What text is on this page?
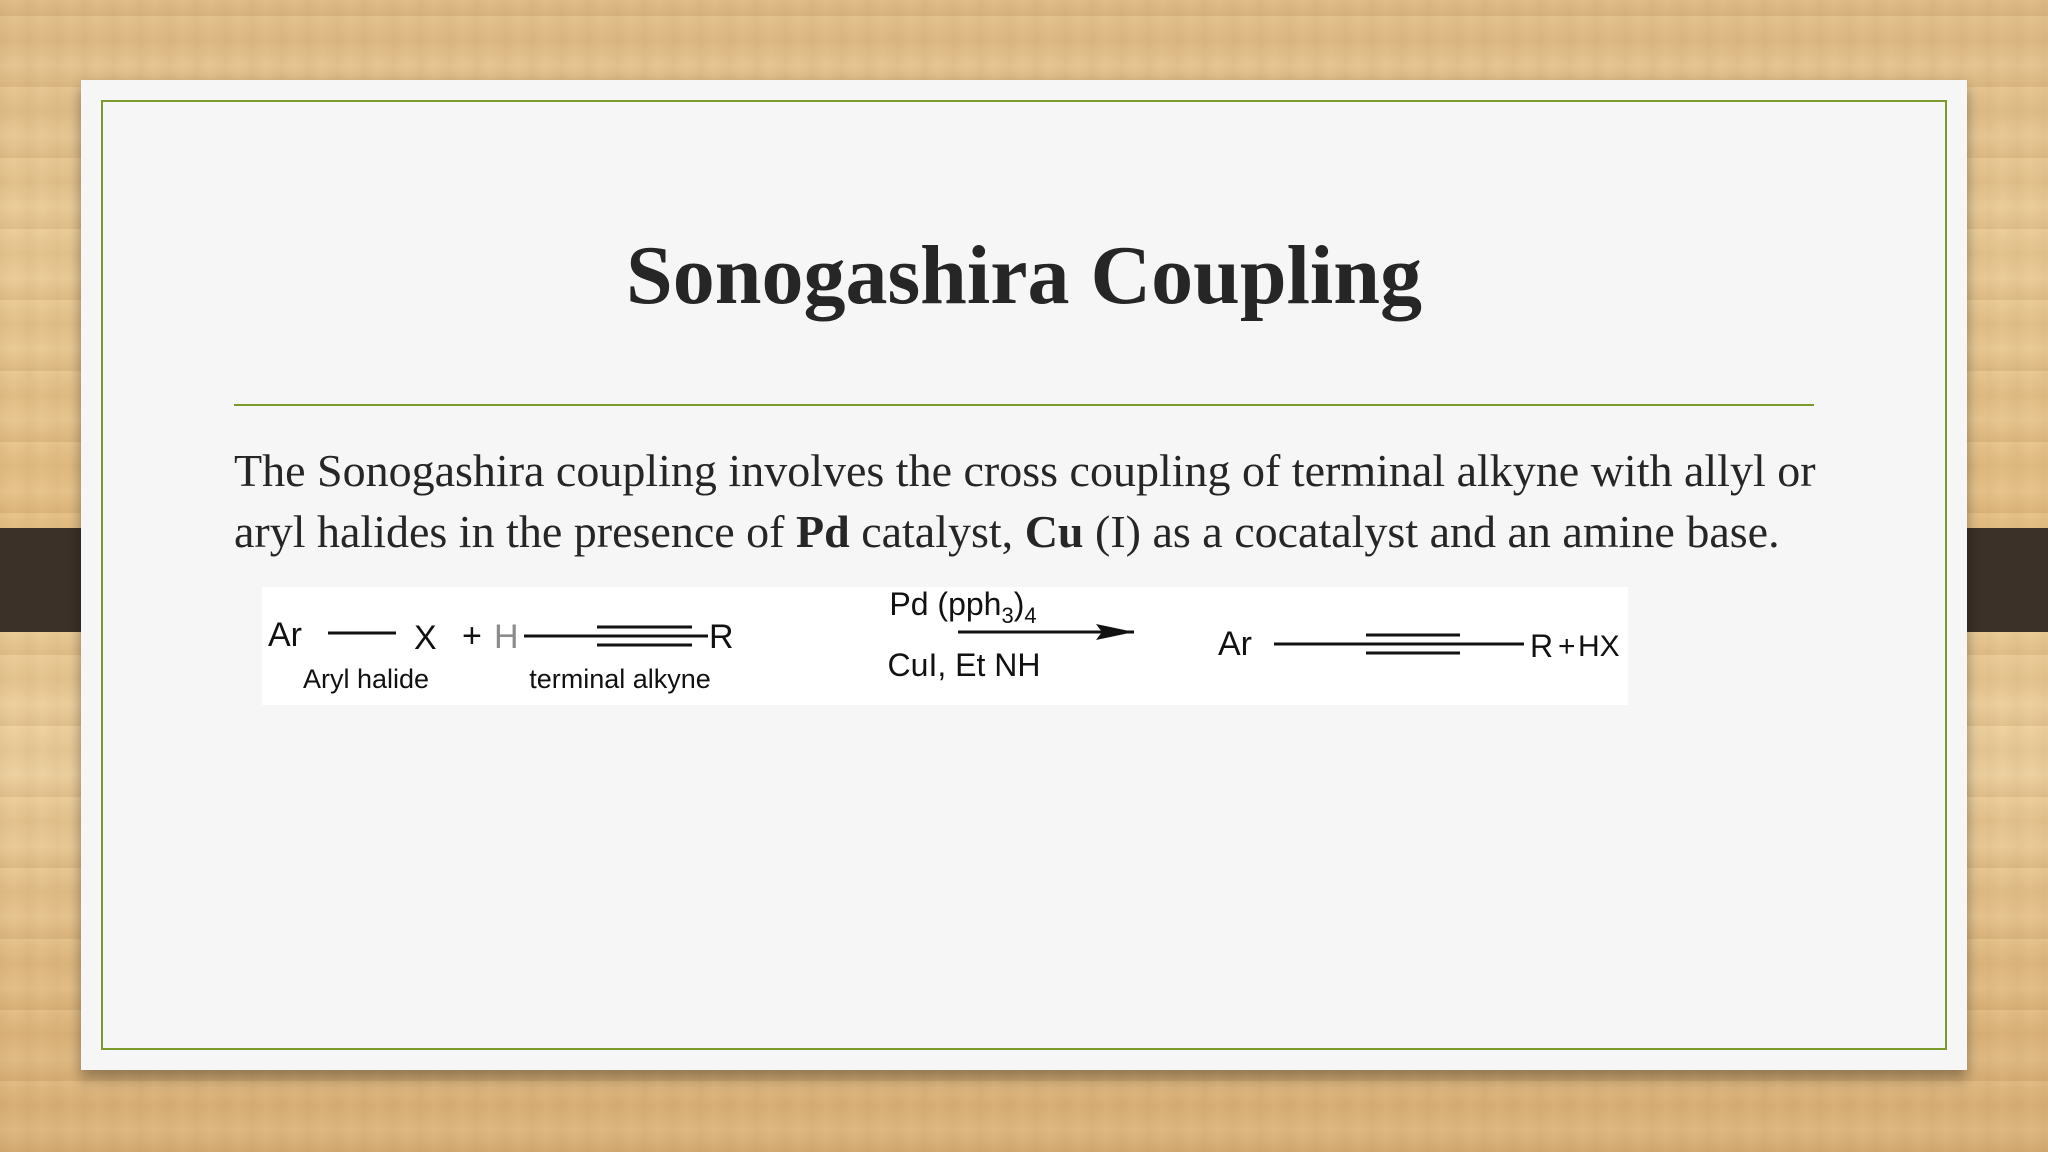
Sonogashira Coupling
The Sonogashira coupling involves the cross coupling of terminal alkyne with allyl or aryl halides in the presence of Pd catalyst, Cu (I) as a cocatalyst and an amine base.
Ar	X
Aryl halide
+ H	R
terminal alkyne
Pd $(pph_3)_4$
CuI, Et NH
Ar	R + HX
